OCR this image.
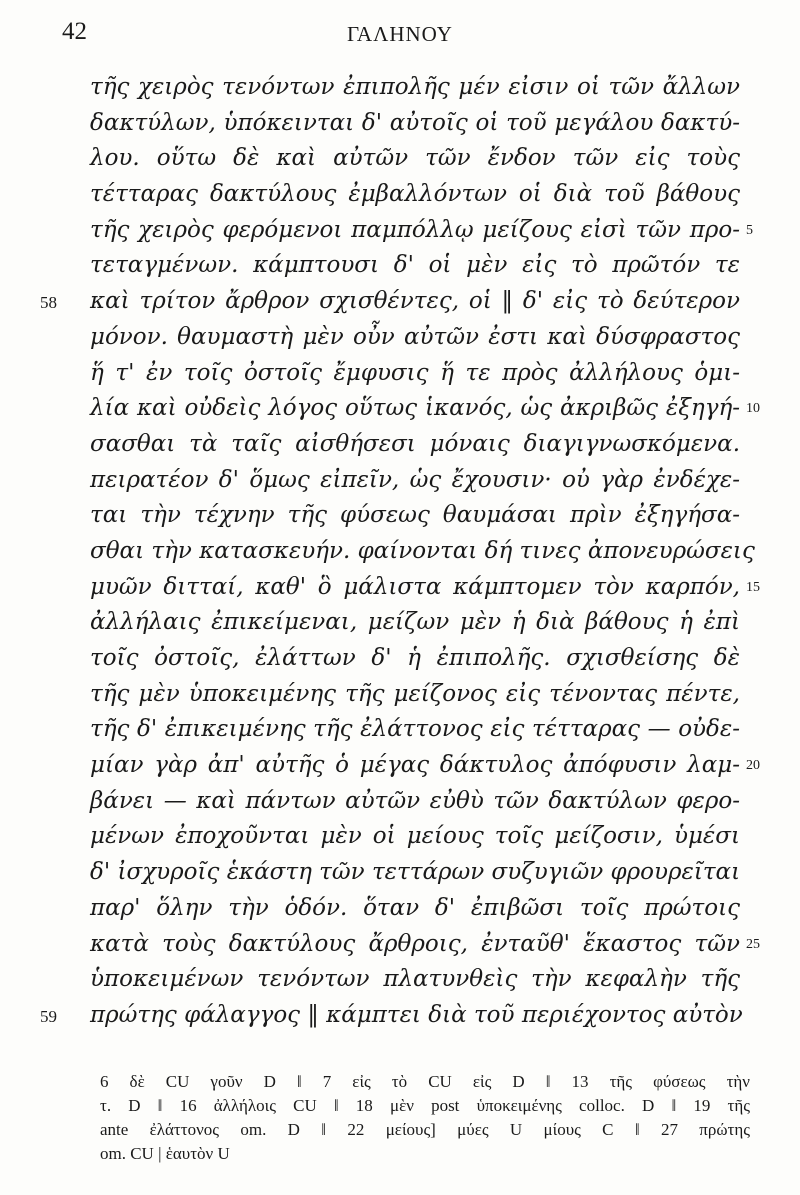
42	ΓΑΛΗΝΟΥ
τῆς χειρὸς τενόντων ἐπιπολῆς μέν εἰσιν οἱ τῶν ἄλλων
δακτύλων, ὑπόκεινται δ' αὐτοῖς οἱ τοῦ μεγάλου δακτύ-
λου. οὕτω δὲ καὶ αὐτῶν τῶν ἔνδον τῶν εἰς τοὺς
τέτταρας δακτύλους ἐμβαλλόντων οἱ διὰ τοῦ βάθους
τῆς χειρὸς φερόμενοι παμπόλλῳ μείζους εἰσὶ τῶν προ- 5
τεταγμένων. κάμπτουσι δ' οἱ μὲν εἰς τὸ πρῶτόν τε
58 καὶ τρίτον ἄρθρον σχισθέντες, οἱ ‖ δ' εἰς τὸ δεύτερον
μόνον. θαυμαστὴ μὲν οὖν αὐτῶν ἐστι καὶ δύσφραστος
ἥ τ' ἐν τοῖς ὀστοῖς ἔμφυσις ἥ τε πρὸς ἀλλήλους ὁμι-
λία καὶ οὐδεὶς λόγος οὕτως ἱκανός, ὡς ἀκριβῶς ἐξηγή- 10
σασθαι τὰ ταῖς αἰσθήσεσι μόναις διαγιγνωσκόμενα.
πειρατέον δ' ὅμως εἰπεῖν, ὡς ἔχουσιν· οὐ γὰρ ἐνδέχε-
ται τὴν τέχνην τῆς φύσεως θαυμάσαι πρὶν ἐξηγήσα-
σθαι τὴν κατασκευήν. φαίνονται δή τινες ἀπονευρώσεις
μυῶν διτταί, καθ' ὃ μάλιστα κάμπτομεν τὸν καρπόν, 15
ἀλλήλαις ἐπικείμεναι, μείζων μὲν ἡ διὰ βάθους ἡ ἐπὶ
τοῖς ὀστοῖς, ἐλάττων δ' ἡ ἐπιπολῆς. σχισθείσης δὲ
τῆς μὲν ὑποκειμένης τῆς μείζονος εἰς τένοντας πέντε,
τῆς δ' ἐπικειμένης τῆς ἐλάττονος εἰς τέτταρας — οὐδε-
μίαν γὰρ ἀπ' αὐτῆς ὁ μέγας δάκτυλος ἀπόφυσιν λαμ- 20
βάνει — καὶ πάντων αὐτῶν εὐθὺ τῶν δακτύλων φερο-
μένων ἐποχοῦνται μὲν οἱ μείους τοῖς μείζοσιν, ὑμέσι
δ' ἰσχυροῖς ἑκάστη τῶν τεττάρων συζυγιῶν φρουρεῖται
παρ' ὅλην τὴν ὁδόν. ὅταν δ' ἐπιβῶσι τοῖς πρώτοις
κατὰ τοὺς δακτύλους ἄρθροις, ἐνταῦθ' ἕκαστος τῶν 25
ὑποκειμένων τενόντων πλατυνθεὶς τὴν κεφαλὴν τῆς
59 πρώτης φάλαγγος ‖ κάμπτει διὰ τοῦ περιέχοντος αὐτὸν
6 δὲ CU γοῦν D ‖ 7 εἰς τὸ CU εἰς D ‖ 13 τῆς φύσεως τὴν
τ. D ‖ 16 ἀλλήλοις CU ‖ 18 μὲν post ὑποκειμένης colloc. D ‖ 19 τῆς
ante ἐλάττονος om. D ‖ 22 μείους] μύες U μίους C ‖ 27 πρώτης
om. CU | ἑαυτὸν U
